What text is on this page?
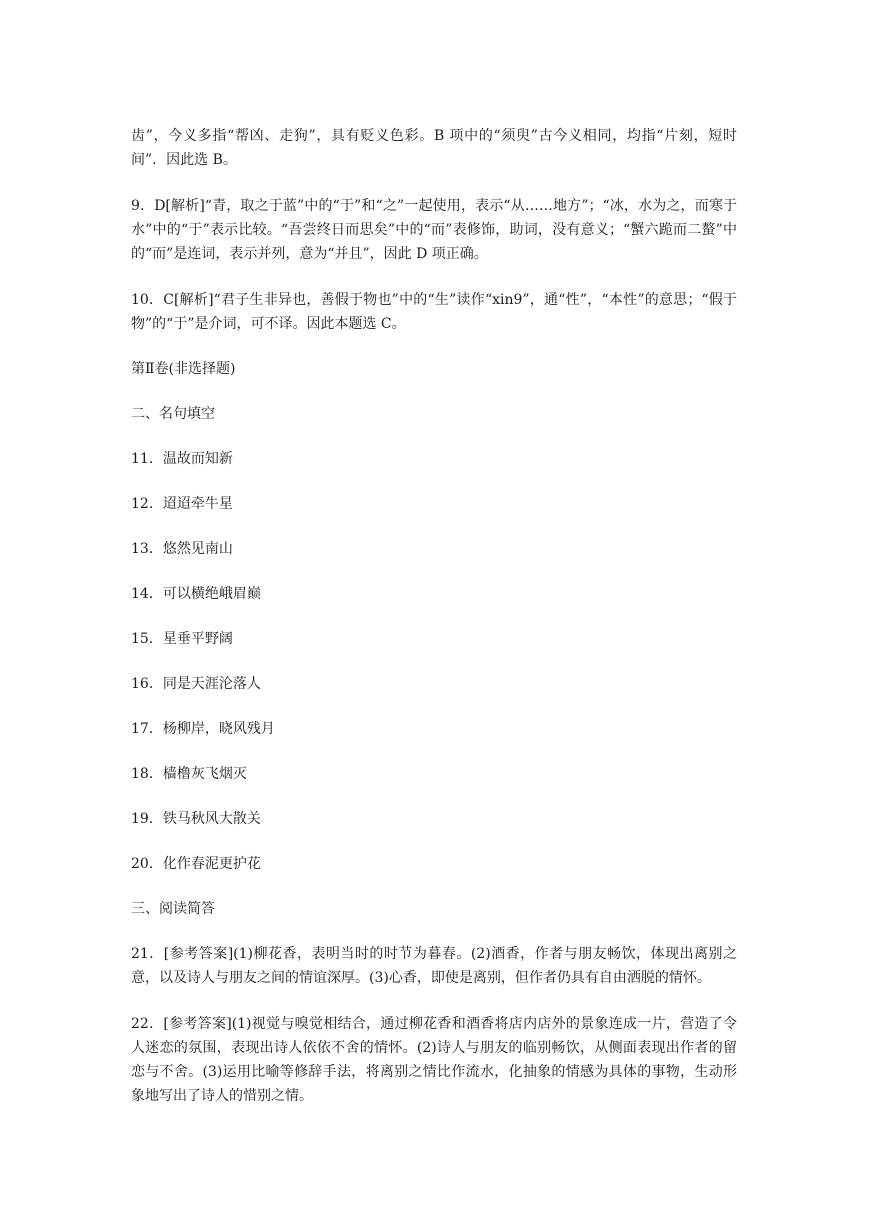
齿”，今义多指“帮凶、走狗”，具有贬义色彩。B 项中的“须臾”古今义相同，均指“片刻，短时间”．因此选 B。

9．D[解析]“青，取之于蓝”中的“于”和“之”一起使用，表示“从……地方”；“冰，水为之，而寒于水”中的“于”表示比较。“吾尝终日而思矣”中的“而”表修饰，助词，没有意义；“蟹六跪而二螯”中的“而”是连词，表示并列，意为“并且”，因此 D 项正确。

10．C[解析]“君子生非异也，善假于物也”中的“生”读作“xin9”，通“性”，“本性”的意思；“假于物”的“于”是介词，可不译。因此本题选 C。

第Ⅱ卷(非选择题)

二、名句填空

11．温故而知新

12．迢迢牵牛星

13．悠然见南山

14．可以横绝峨眉巅

15．星垂平野阔

16．同是天涯沦落人

17．杨柳岸，晓风残月

18．樯橹灰飞烟灭

19．铁马秋风大散关

20．化作春泥更护花

三、阅读简答

21．[参考答案](1)柳花香，表明当时的时节为暮春。(2)酒香，作者与朋友畅饮，体现出离别之意，以及诗人与朋友之间的情谊深厚。(3)心香，即使是离别，但作者仍具有自由洒脱的情怀。

22．[参考答案](1)视觉与嗅觉相结合，通过柳花香和酒香将店内店外的景象连成一片，营造了令人迷恋的氛围，表现出诗人依依不舍的情怀。(2)诗人与朋友的临别畅饮，从侧面表现出作者的留恋与不舍。(3)运用比喻等修辞手法，将离别之情比作流水，化抽象的情感为具体的事物，生动形象地写出了诗人的惜别之情。
